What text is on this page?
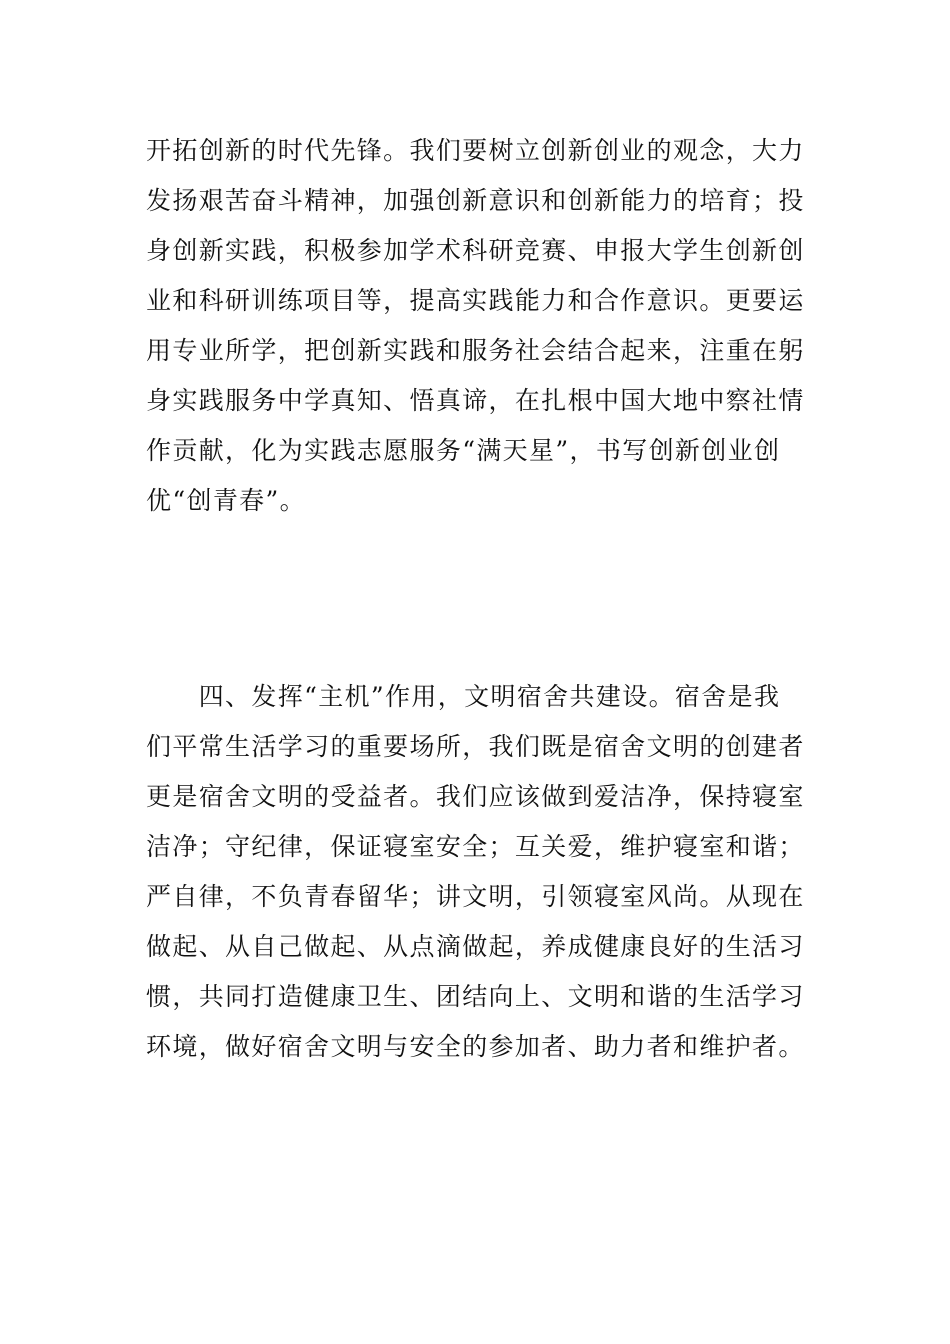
开拓创新的时代先锋。我们要树立创新创业的观念，大力
发扬艰苦奋斗精神，加强创新意识和创新能力的培育；投
身创新实践，积极参加学术科研竞赛、申报大学生创新创
业和科研训练项目等，提高实践能力和合作意识。更要运
用专业所学，把创新实践和服务社会结合起来，注重在躬
身实践服务中学真知、悟真谛，在扎根中国大地中察社情
作贡献，化为实践志愿服务“满天星”，书写创新创业创
优“创青春”。
　　四、发挥“主机”作用，文明宿舍共建设。宿舍是我
们平常生活学习的重要场所，我们既是宿舍文明的创建者
更是宿舍文明的受益者。我们应该做到爱洁净，保持寝室
洁净；守纪律，保证寝室安全；互关爱，维护寝室和谐；
严自律，不负青春留华；讲文明，引领寝室风尚。从现在
做起、从自己做起、从点滴做起，养成健康良好的生活习
惯，共同打造健康卫生、团结向上、文明和谐的生活学习
环境，做好宿舍文明与安全的参加者、助力者和维护者。
